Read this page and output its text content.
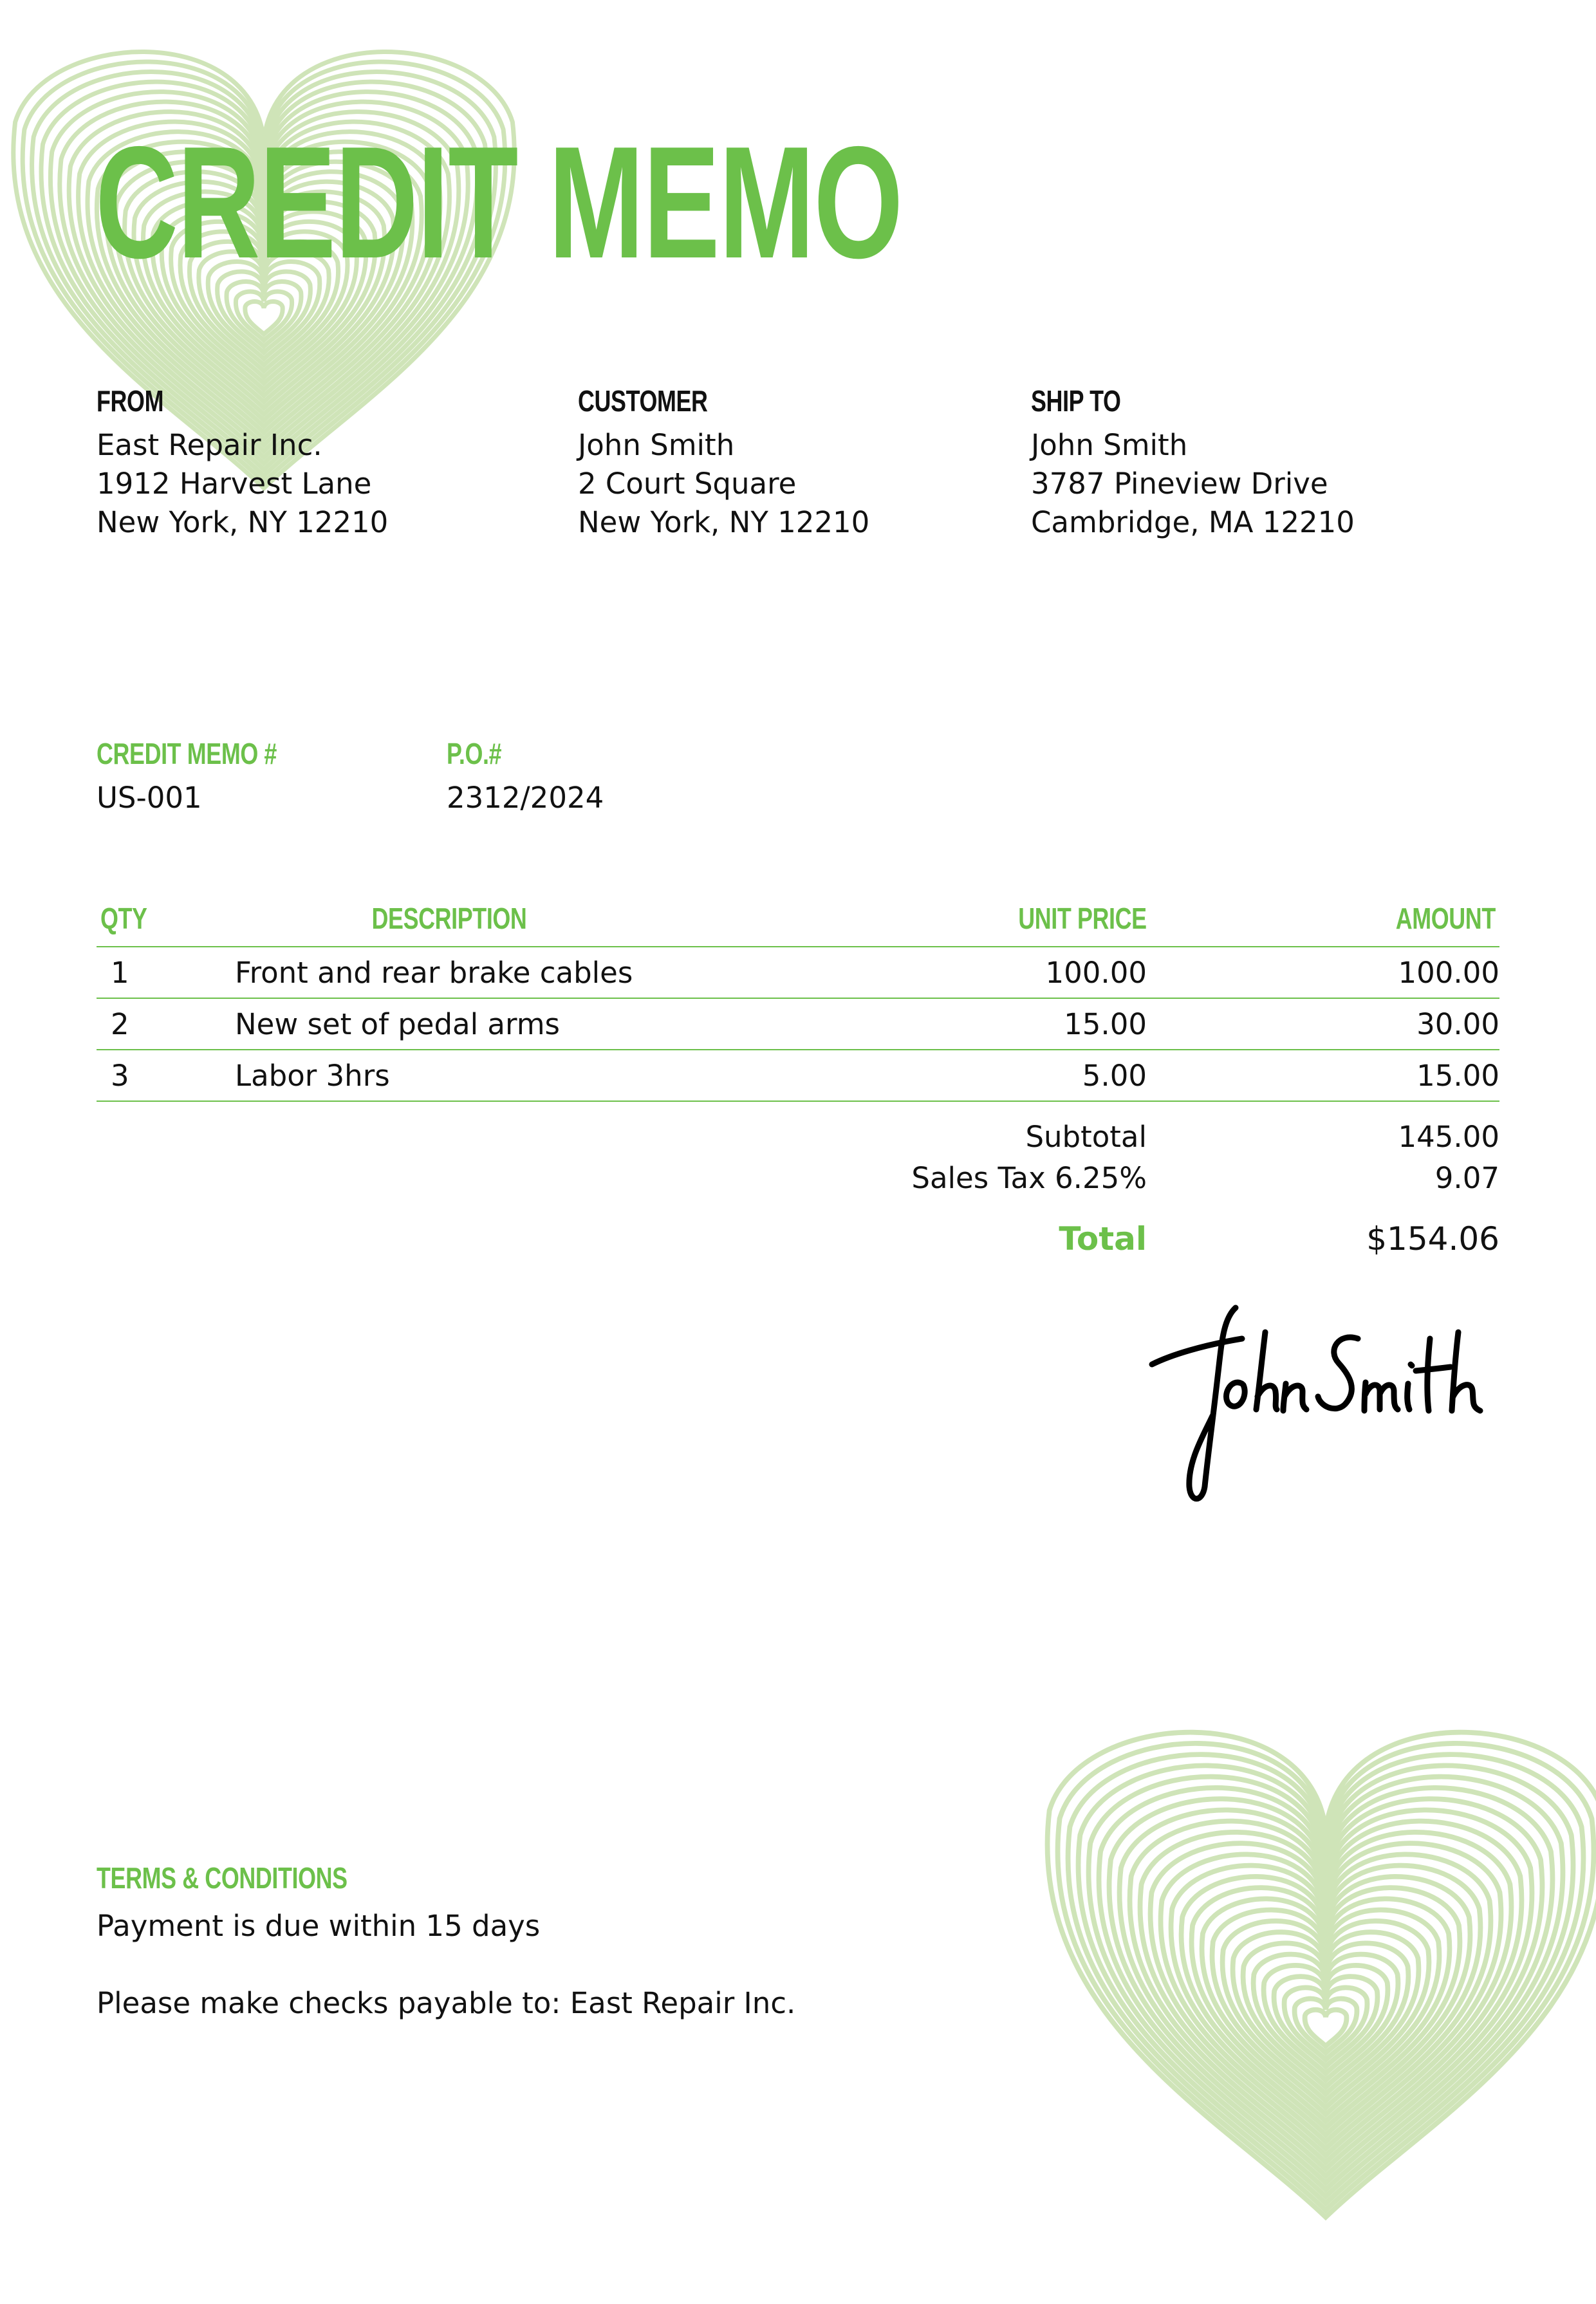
CREDIT MEMO
FROM
East Repair Inc.
1912 Harvest Lane
New York, NY 12210
CUSTOMER
John Smith
2 Court Square
New York, NY 12210
SHIP TO
John Smith
3787 Pineview Drive
Cambridge, MA 12210
CREDIT MEMO #
US-001
P.O.#
2312/2024
QTY	DESCRIPTION	UNIT PRICE	AMOUNT
1	Front and rear brake cables	100.00	100.00
2	New set of pedal arms	15.00	30.00
3	Labor 3hrs	5.00	15.00
Subtotal	145.00
Sales Tax 6.25%	9.07
Total	$154.06
TERMS & CONDITIONS
Payment is due within 15 days
Please make checks payable to: East Repair Inc.
